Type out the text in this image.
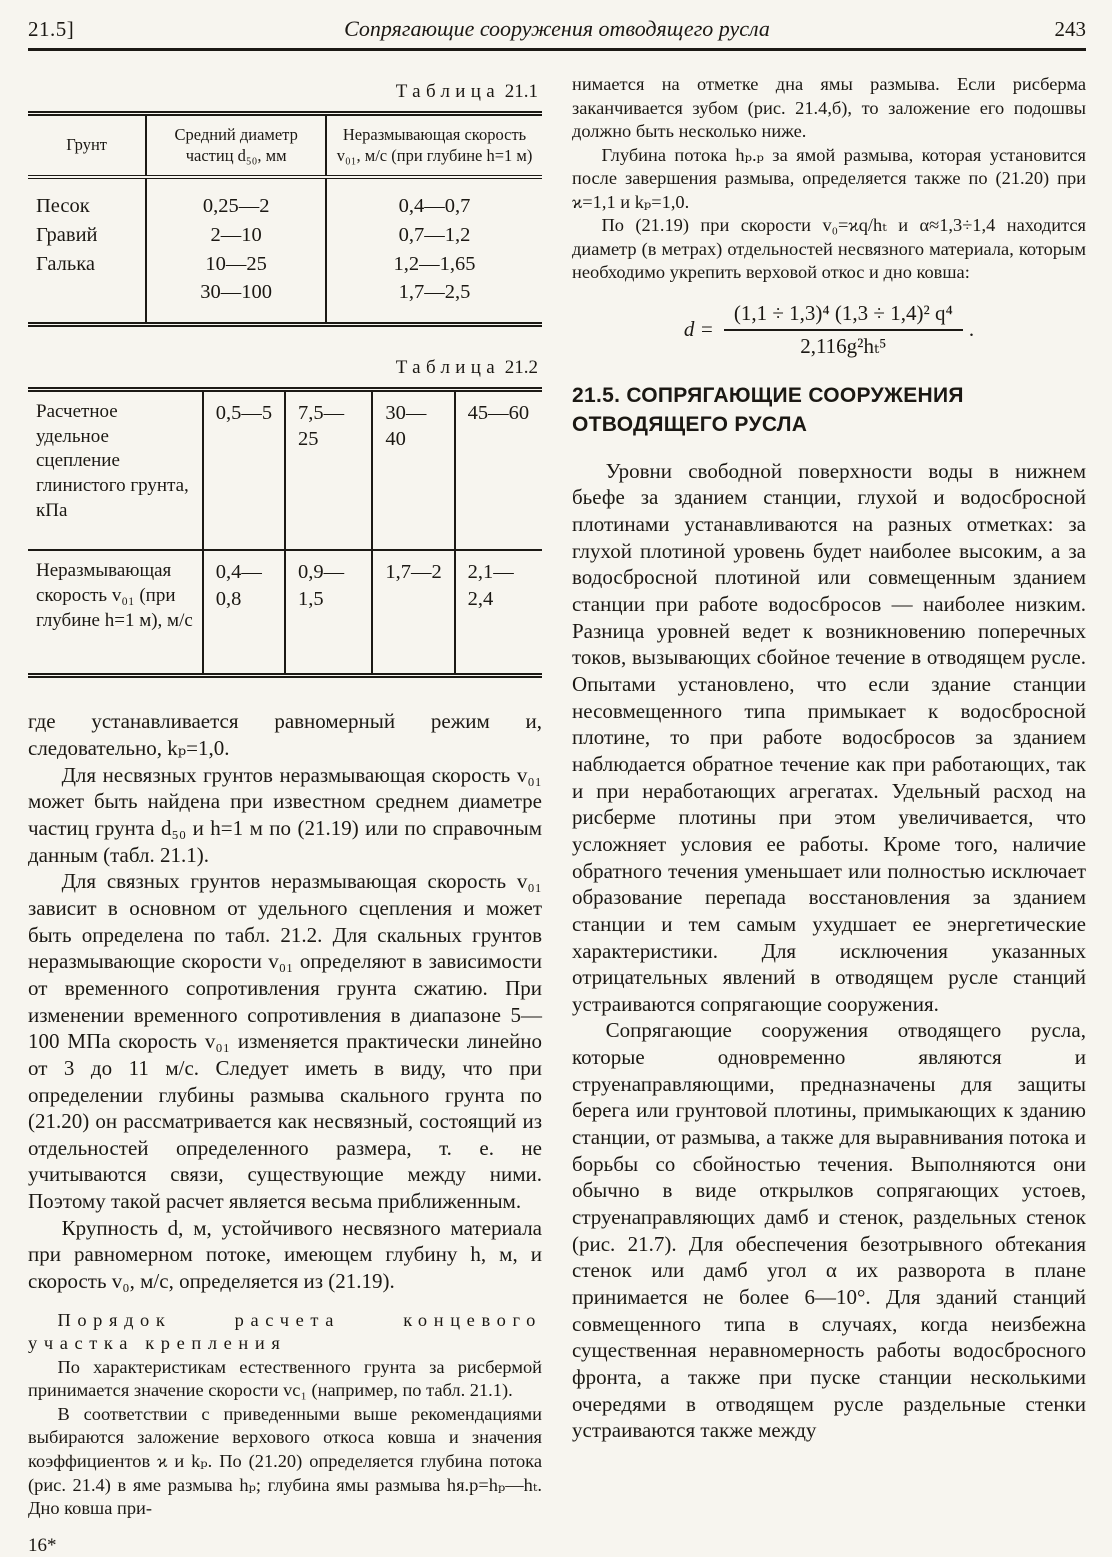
21.5]	Сопрягающие сооружения отводящего русла	243
Таблица 21.1
Грунт	Средний диаметр частиц d₅₀, мм	Неразмывающая скорость v₀₁, м/с (при глубине h=1 м)
Песок	0,25—2	0,4—0,7
Гравий	2—10	0,7—1,2
Галька	10—25	1,2—1,65
	30—100	1,7—2,5
Таблица 21.2
Расчетное удельное сцепление глинистого грунта, кПа	0,5—5	7,5—25	30—40	45—60
Неразмывающая скорость v₀₁ (при глубине h=1 м), м/с	0,4—0,8	0,9—1,5	1,7—2	2,1—2,4

где устанавливается равномерный режим и, следовательно, kₚ=1,0.

Для несвязных грунтов неразмывающая скорость v₀₁ может быть найдена при известном среднем диаметре частиц грунта d₅₀ и h=1 м по (21.19) или по справочным данным (табл. 21.1).

Для связных грунтов неразмывающая скорость v₀₁ зависит в основном от удельного сцепления и может быть определена по табл. 21.2. Для скальных грунтов неразмывающие скорости v₀₁ определяют в зависимости от временного сопротивления грунта сжатию. При изменении временного сопротивления в диапазоне 5—100 МПа скорость v₀₁ изменяется практически линейно от 3 до 11 м/с. Следует иметь в виду, что при определении глубины размыва скального грунта по (21.20) он рассматривается как несвязный, состоящий из отдельностей определенного размера, т. е. не учитываются связи, существующие между ними. Поэтому такой расчет является весьма приближенным.

Крупность d, м, устойчивого несвязного материала при равномерном потоке, имеющем глубину h, м, и скорость v₀, м/с, определяется из (21.19).

Порядок расчета концевого участка крепления

По характеристикам естественного грунта за рисбермой принимается значение скорости vс₁ (например, по табл. 21.1).

В соответствии с приведенными выше рекомендациями выбираются заложение верхового откоса ковша и значения коэффициентов ϰ и kₚ. По (21.20) определяется глубина потока (рис. 21.4) в яме размыва hₚ; глубина ямы размыва hя.р=hₚ—hₜ. Дно ковша при-

16*

нимается на отметке дна ямы размыва. Если рисберма заканчивается зубом (рис. 21.4,б), то заложение его подошвы должно быть несколько ниже.

Глубина потока hₚ.ₚ за ямой размыва, которая установится после завершения размыва, определяется также по (21.20) при ϰ=1,1 и kₚ=1,0.

По (21.19) при скорости v₀=ϰq/hₜ и α≈1,3÷1,4 находится диаметр (в метрах) отдельностей несвязного материала, которым необходимо укрепить верховой откос и дно ковша:

$d = \frac{\text{(1,1 ÷ 1,3)⁴ (1,3 ÷ 1,4)² q⁴}}{\text{2,116g²hₜ⁵}}$ .
21.5. СОПРЯГАЮЩИЕ СООРУЖЕНИЯ ОТВОДЯЩЕГО РУСЛА

Уровни свободной поверхности воды в нижнем бьефе за зданием станции, глухой и водосбросной плотинами устанавливаются на разных отметках: за глухой плотиной уровень будет наиболее высоким, а за водосбросной плотиной или совмещенным зданием станции при работе водосбросов — наиболее низким. Разница уровней ведет к возникновению поперечных токов, вызывающих сбойное течение в отводящем русле. Опытами установлено, что если здание станции несовмещенного типа примыкает к водосбросной плотине, то при работе водосбросов за зданием наблюдается обратное течение как при работающих, так и при неработающих агрегатах. Удельный расход на рисберме плотины при этом увеличивается, что усложняет условия ее работы. Кроме того, наличие обратного течения уменьшает или полностью исключает образование перепада восстановления за зданием станции и тем самым ухудшает ее энергетические характеристики. Для исключения указанных отрицательных явлений в отводящем русле станций устраиваются сопрягающие сооружения.

Сопрягающие сооружения отводящего русла, которые одновременно являются и струенаправляющими, предназначены для защиты берега или грунтовой плотины, примыкающих к зданию станции, от размыва, а также для выравнивания потока и борьбы со сбойностью течения. Выполняются они обычно в виде открылков сопрягающих устоев, струенаправляющих дамб и стенок, раздельных стенок (рис. 21.7). Для обеспечения безотрывного обтекания стенок или дамб угол α их разворота в плане принимается не более 6—10°. Для зданий станций совмещенного типа в случаях, когда неизбежна существенная неравномерность работы водосбросного фронта, а также при пуске станции несколькими очередями в отводящем русле раздельные стенки устраиваются также между
